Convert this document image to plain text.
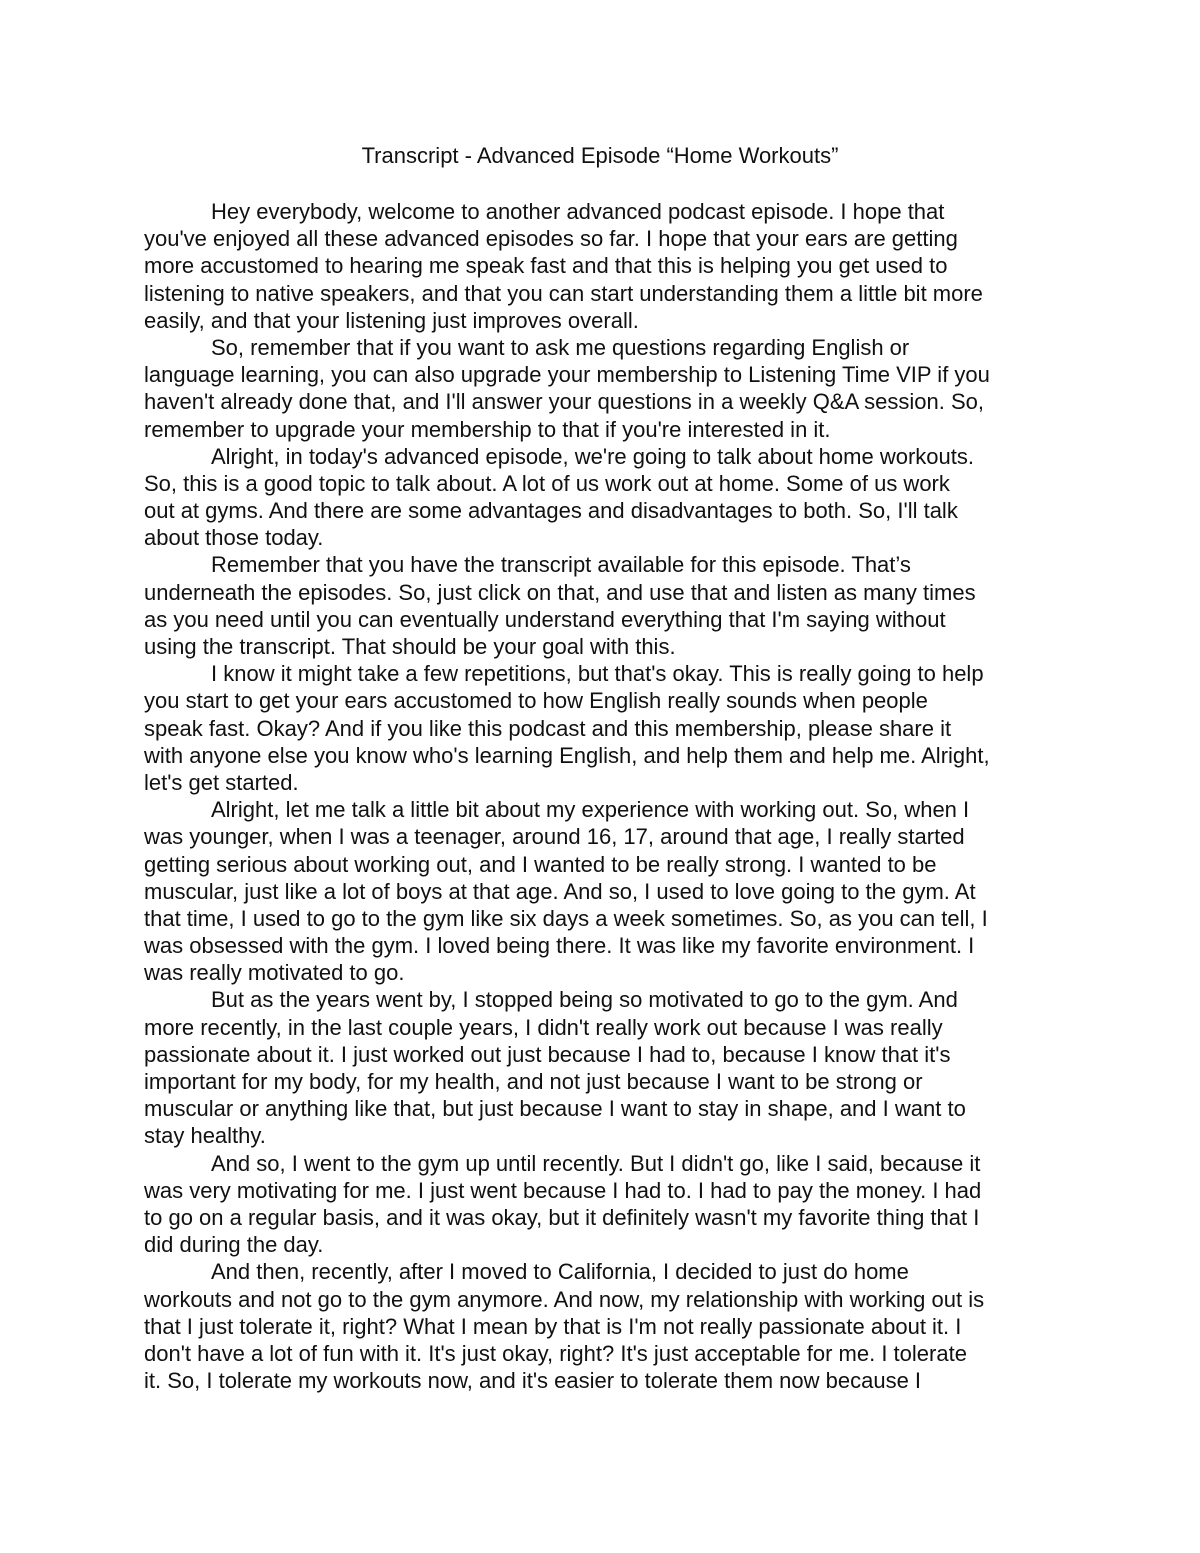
Transcript - Advanced Episode “Home Workouts”
Hey everybody, welcome to another advanced podcast episode. I hope that
you've enjoyed all these advanced episodes so far. I hope that your ears are getting
more accustomed to hearing me speak fast and that this is helping you get used to
listening to native speakers, and that you can start understanding them a little bit more
easily, and that your listening just improves overall.
So, remember that if you want to ask me questions regarding English or
language learning, you can also upgrade your membership to Listening Time VIP if you
haven't already done that, and I'll answer your questions in a weekly Q&A session. So,
remember to upgrade your membership to that if you're interested in it.
Alright, in today's advanced episode, we're going to talk about home workouts.
So, this is a good topic to talk about. A lot of us work out at home. Some of us work
out at gyms. And there are some advantages and disadvantages to both. So, I'll talk
about those today.
Remember that you have the transcript available for this episode. That’s
underneath the episodes. So, just click on that, and use that and listen as many times
as you need until you can eventually understand everything that I'm saying without
using the transcript. That should be your goal with this.
I know it might take a few repetitions, but that's okay. This is really going to help
you start to get your ears accustomed to how English really sounds when people
speak fast. Okay? And if you like this podcast and this membership, please share it
with anyone else you know who's learning English, and help them and help me. Alright,
let's get started.
Alright, let me talk a little bit about my experience with working out. So, when I
was younger, when I was a teenager, around 16, 17, around that age, I really started
getting serious about working out, and I wanted to be really strong. I wanted to be
muscular, just like a lot of boys at that age. And so, I used to love going to the gym. At
that time, I used to go to the gym like six days a week sometimes. So, as you can tell, I
was obsessed with the gym. I loved being there. It was like my favorite environment. I
was really motivated to go.
But as the years went by, I stopped being so motivated to go to the gym. And
more recently, in the last couple years, I didn't really work out because I was really
passionate about it. I just worked out just because I had to, because I know that it's
important for my body, for my health, and not just because I want to be strong or
muscular or anything like that, but just because I want to stay in shape, and I want to
stay healthy.
And so, I went to the gym up until recently. But I didn't go, like I said, because it
was very motivating for me. I just went because I had to. I had to pay the money. I had
to go on a regular basis, and it was okay, but it definitely wasn't my favorite thing that I
did during the day.
And then, recently, after I moved to California, I decided to just do home
workouts and not go to the gym anymore. And now, my relationship with working out is
that I just tolerate it, right? What I mean by that is I'm not really passionate about it. I
don't have a lot of fun with it. It's just okay, right? It's just acceptable for me. I tolerate
it. So, I tolerate my workouts now, and it's easier to tolerate them now because I
